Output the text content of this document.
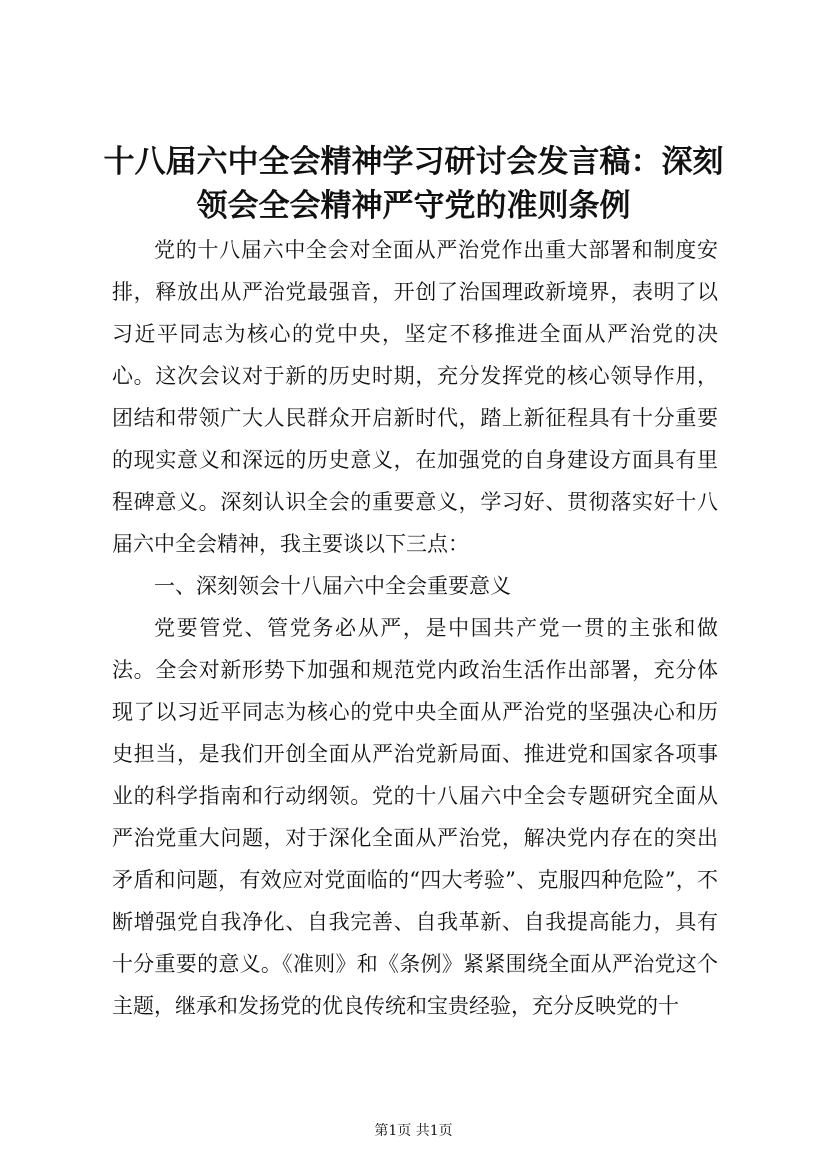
十八届六中全会精神学习研讨会发言稿：深刻领会全会精神严守党的准则条例

党的十八届六中全会对全面从严治党作出重大部署和制度安排，释放出从严治党最强音，开创了治国理政新境界，表明了以习近平同志为核心的党中央，坚定不移推进全面从严治党的决心。这次会议对于新的历史时期，充分发挥党的核心领导作用，团结和带领广大人民群众开启新时代，踏上新征程具有十分重要的现实意义和深远的历史意义，在加强党的自身建设方面具有里程碑意义。深刻认识全会的重要意义，学习好、贯彻落实好十八届六中全会精神，我主要谈以下三点：

一、深刻领会十八届六中全会重要意义

党要管党、管党务必从严，是中国共产党一贯的主张和做法。全会对新形势下加强和规范党内政治生活作出部署，充分体现了以习近平同志为核心的党中央全面从严治党的坚强决心和历史担当，是我们开创全面从严治党新局面、推进党和国家各项事业的科学指南和行动纲领。党的十八届六中全会专题研究全面从严治党重大问题，对于深化全面从严治党，解决党内存在的突出矛盾和问题，有效应对党面临的“四大考验”、克服四种危险”，不断增强党自我净化、自我完善、自我革新、自我提高能力，具有十分重要的意义。《准则》和《条例》紧紧围绕全面从严治党这个主题，继承和发扬党的优良传统和宝贵经验，充分反映党的十

第1页 共1页
